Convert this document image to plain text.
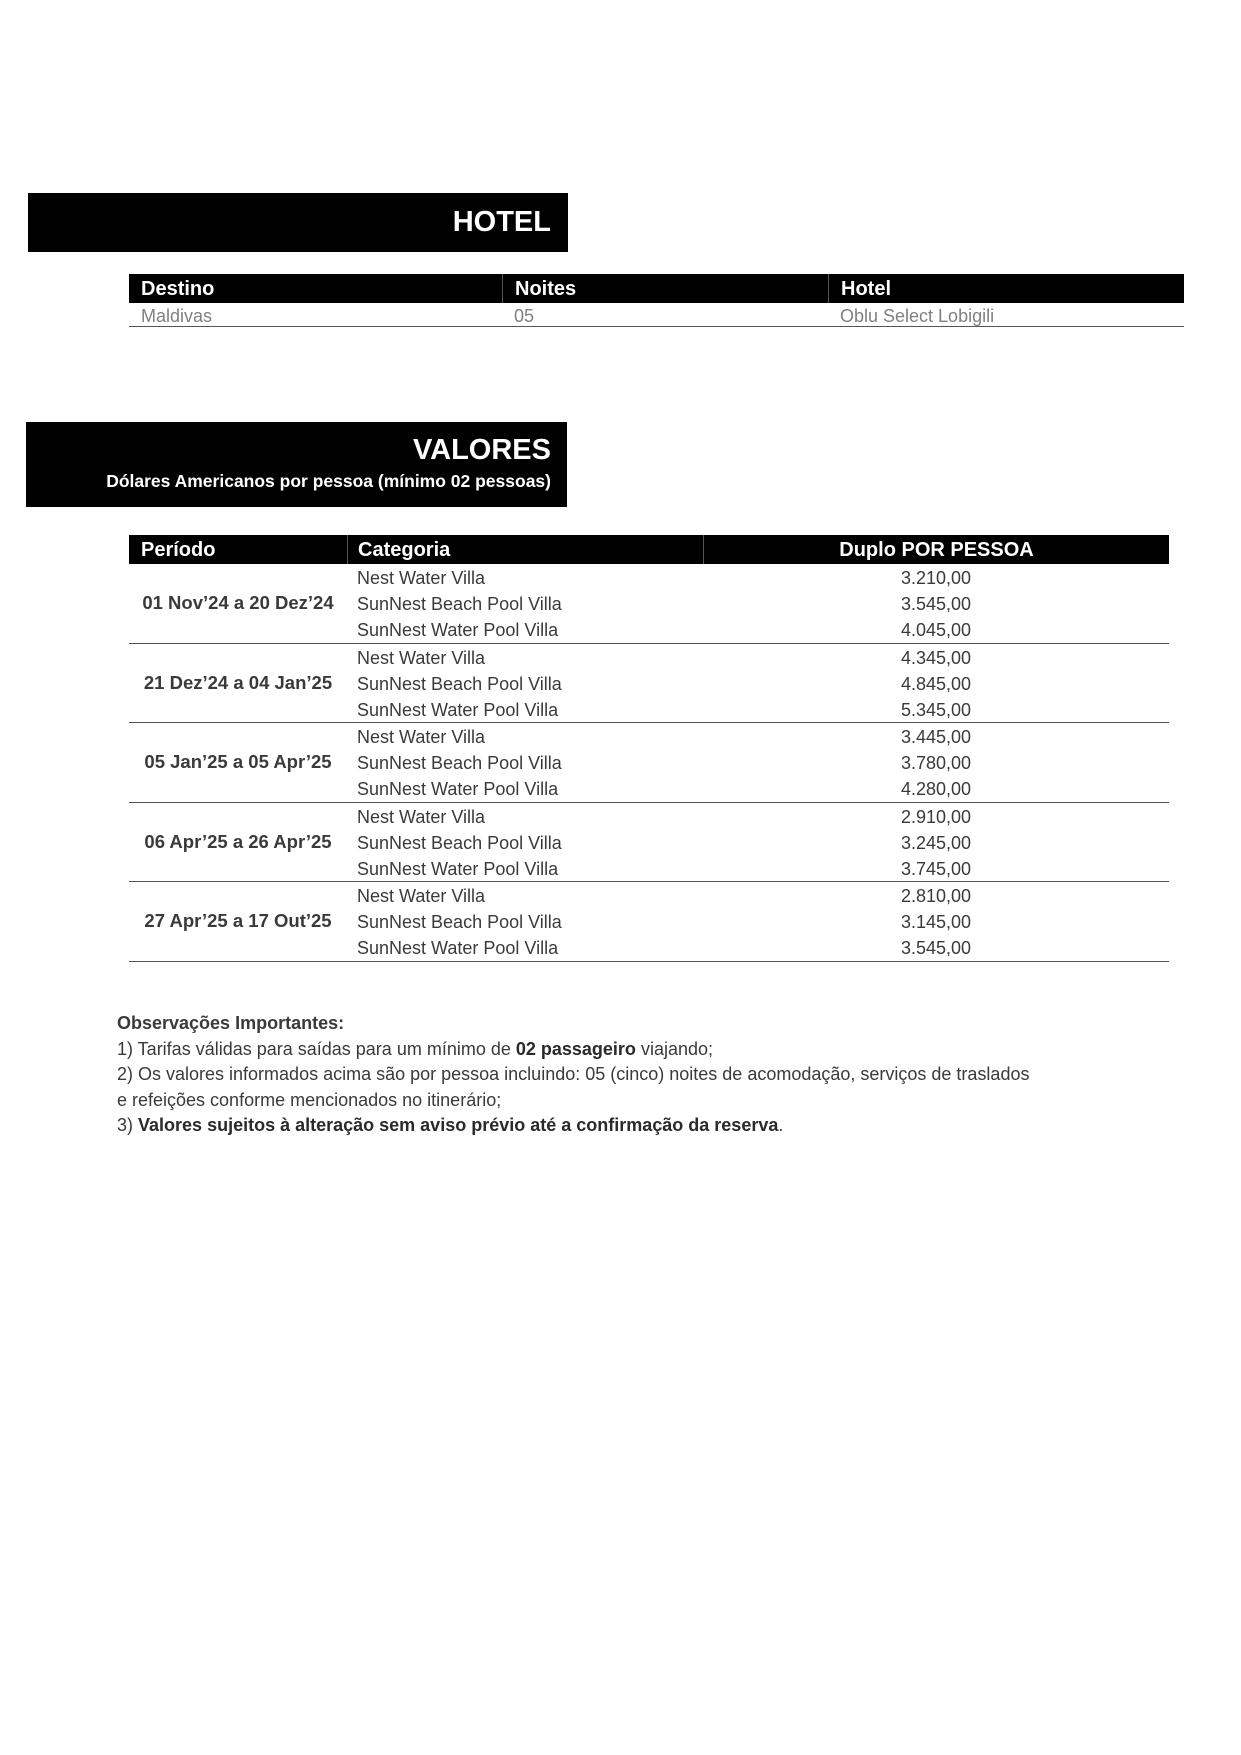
HOTEL
Destino	Noites	Hotel
Maldivas	05	Oblu Select Lobigili
VALORES
Dólares Americanos por pessoa (mínimo 02 pessoas)
Período	Categoria	Duplo POR PESSOA
01 Nov’24 a 20 Dez’24
Nest Water Villa	3.210,00
SunNest Beach Pool Villa	3.545,00
SunNest Water Pool Villa	4.045,00
21 Dez’24 a 04 Jan’25
Nest Water Villa	4.345,00
SunNest Beach Pool Villa	4.845,00
SunNest Water Pool Villa	5.345,00
05 Jan’25 a 05 Apr’25
Nest Water Villa	3.445,00
SunNest Beach Pool Villa	3.780,00
SunNest Water Pool Villa	4.280,00
06 Apr’25 a 26 Apr’25
Nest Water Villa	2.910,00
SunNest Beach Pool Villa	3.245,00
SunNest Water Pool Villa	3.745,00
27 Apr’25 a 17 Out’25
Nest Water Villa	2.810,00
SunNest Beach Pool Villa	3.145,00
SunNest Water Pool Villa	3.545,00
Observações Importantes:
1) Tarifas válidas para saídas para um mínimo de 02 passageiro viajando;
2) Os valores informados acima são por pessoa incluindo: 05 (cinco) noites de acomodação, serviços de traslados
e refeições conforme mencionados no itinerário;
3) Valores sujeitos à alteração sem aviso prévio até a confirmação da reserva.
